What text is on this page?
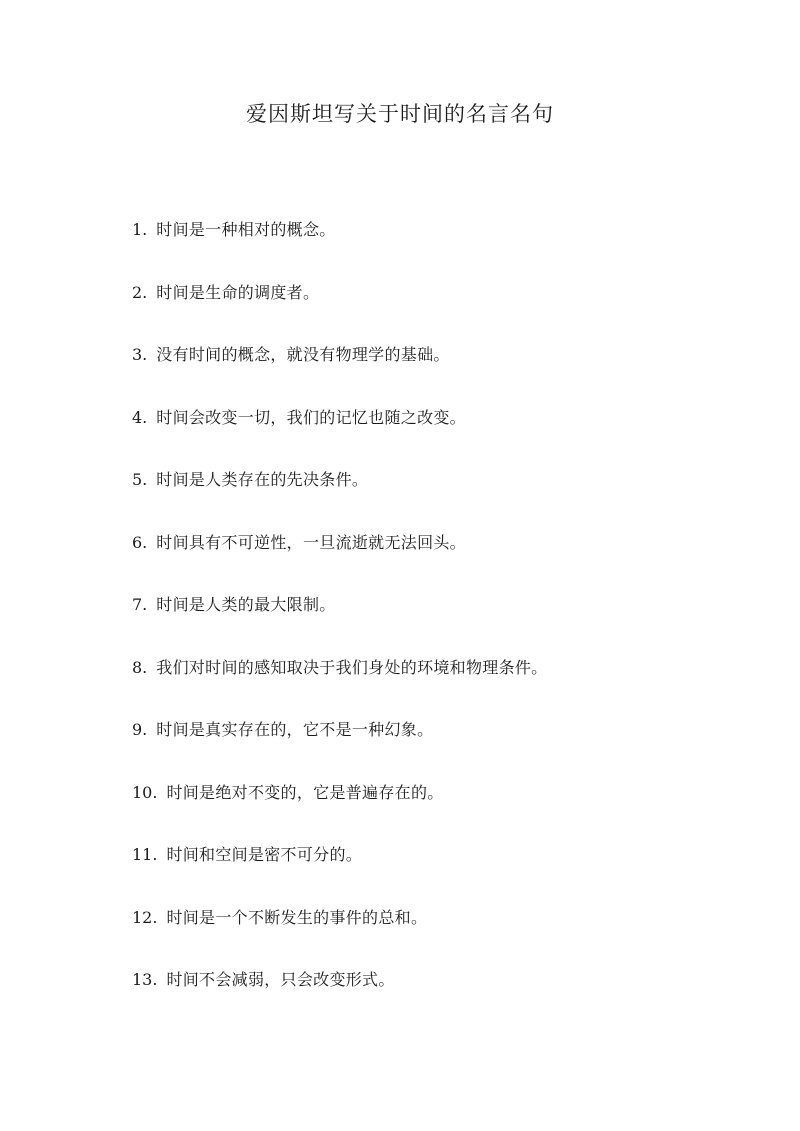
爱因斯坦写关于时间的名言名句
1. 时间是一种相对的概念。
2. 时间是生命的调度者。
3. 没有时间的概念，就没有物理学的基础。
4. 时间会改变一切，我们的记忆也随之改变。
5. 时间是人类存在的先决条件。
6. 时间具有不可逆性，一旦流逝就无法回头。
7. 时间是人类的最大限制。
8. 我们对时间的感知取决于我们身处的环境和物理条件。
9. 时间是真实存在的，它不是一种幻象。
10. 时间是绝对不变的，它是普遍存在的。
11. 时间和空间是密不可分的。
12. 时间是一个不断发生的事件的总和。
13. 时间不会减弱，只会改变形式。
